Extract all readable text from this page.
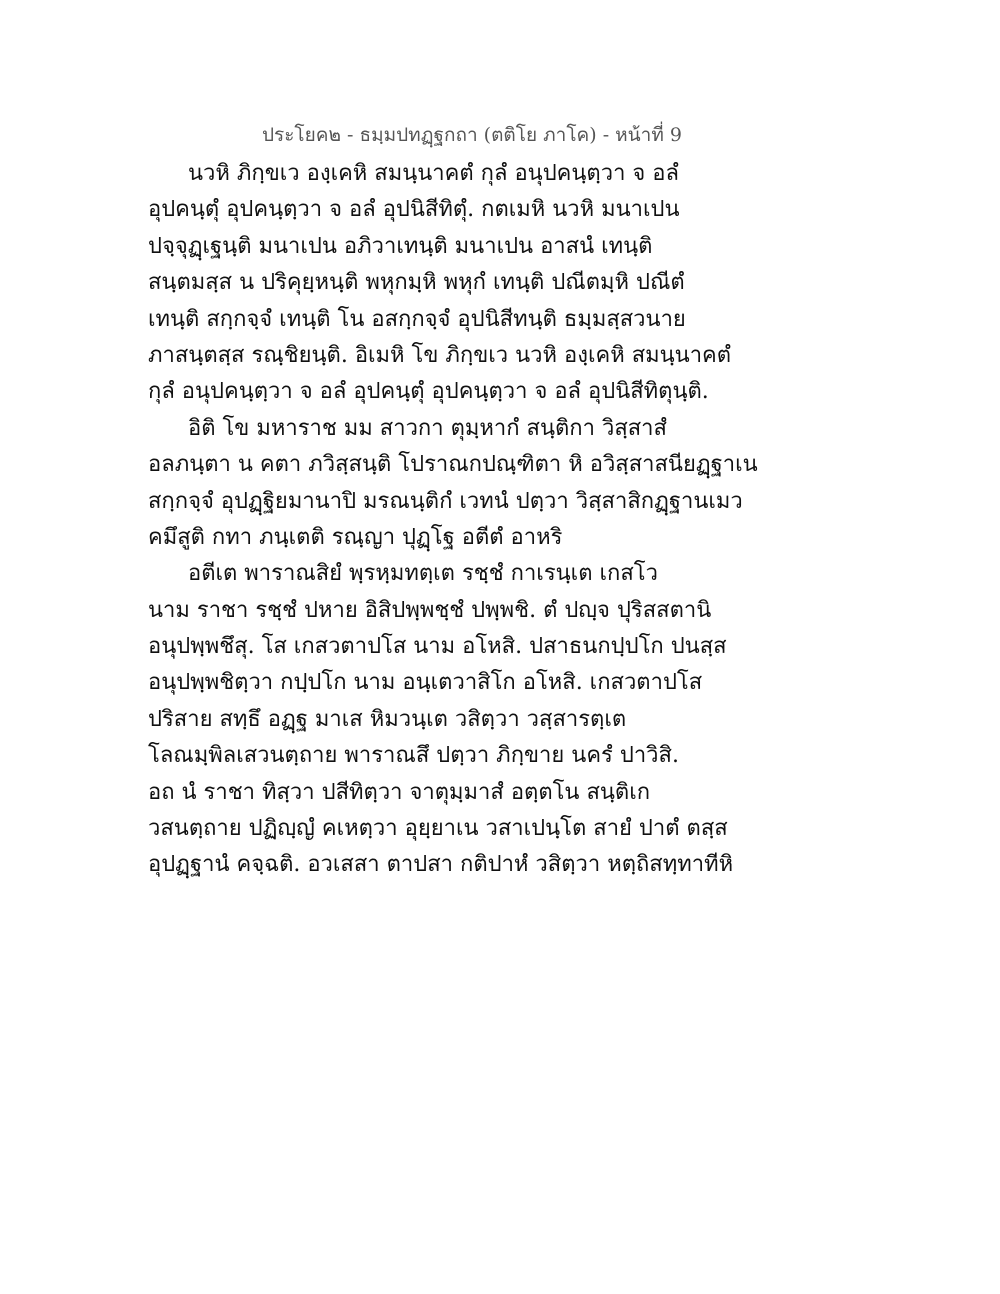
ประโยค๒ - ธมฺมปทฏฺฐกถา (ตติโย ภาโค) - หน้าที่ 9
นวหิ ภิกฺขเว องฺเคหิ สมนฺนาคตํ กุลํ อนุปคนฺตฺวา จ อลํ
อุปคนฺตุํ อุปคนฺตฺวา จ อลํ อุปนิสีทิตุํ. กตเมหิ นวหิ มนาเปน
ปจฺจุฏฺเฐนฺติ มนาเปน อภิวาเทนฺติ มนาเปน อาสนํ เทนฺติ
สนฺตมสฺส น ปริคุยฺหนฺติ พหุกมฺหิ พหุกํ เทนฺติ ปณีตมฺหิ ปณีตํ
เทนฺติ สกฺกจฺจํ เทนฺติ โน อสกฺกจฺจํ อุปนิสีทนฺติ ธมฺมสฺสวนาย
ภาสนฺตสฺส รณฺชิยนฺติ. อิเมหิ โข ภิกฺขเว นวหิ องฺเคหิ สมนฺนาคตํ
กุลํ อนุปคนฺตฺวา จ อลํ อุปคนฺตุํ อุปคนฺตฺวา จ อลํ อุปนิสีทิตุนฺติ.
อิติ โข มหาราช มม สาวกา ตุมฺหากํ สนฺติกา วิสฺสาสํ
อลภนฺตา น คตา ภวิสฺสนฺติ โปราณกปณฺฑิตา หิ อวิสฺสาสนียฏฺฐาเน
สกฺกจฺจํ อุปฏฺฐิยมานาปิ มรณนฺติกํ เวทนํ ปตฺวา วิสฺสาสิกฏฺฐานเมว
คมึสูติ กทา ภนฺเตติ รณฺญา ปุฏฺโฐ อตีตํ อาหริ
อตีเต พาราณสิยํ พฺรหฺมทตฺเต รชฺชํ กาเรนฺเต เกสโว
นาม ราชา รชฺชํ ปหาย อิสิปพฺพชฺชํ ปพฺพชิ. ตํ ปญฺจ ปุริสสตานิ
อนุปพฺพชึสุ. โส เกสวตาปโส นาม อโหสิ. ปสาธนกปฺปโก ปนสฺส
อนุปพฺพชิตฺวา กปฺปโก นาม อนฺเตวาสิโก อโหสิ. เกสวตาปโส
ปริสาย สทฺธึ อฏฺฐ มาเส หิมวนฺเต วสิตฺวา วสฺสารตฺเต
โลณมฺพิลเสวนตฺถาย พาราณสึ ปตฺวา ภิกฺขาย นครํ ปาวิสิ.
อถ นํ ราชา ทิสฺวา ปสีทิตฺวา จาตุมฺมาสํ อตฺตโน สนฺติเก
วสนตฺถาย ปฏิญฺญํ คเหตฺวา อุยฺยาเน วสาเปนฺโต สายํ ปาตํ ตสฺส
อุปฏฺฐานํ คจฺฉติ. อวเสสา ตาปสา กติปาหํ วสิตฺวา หตฺถิสทฺทาทีหิ
